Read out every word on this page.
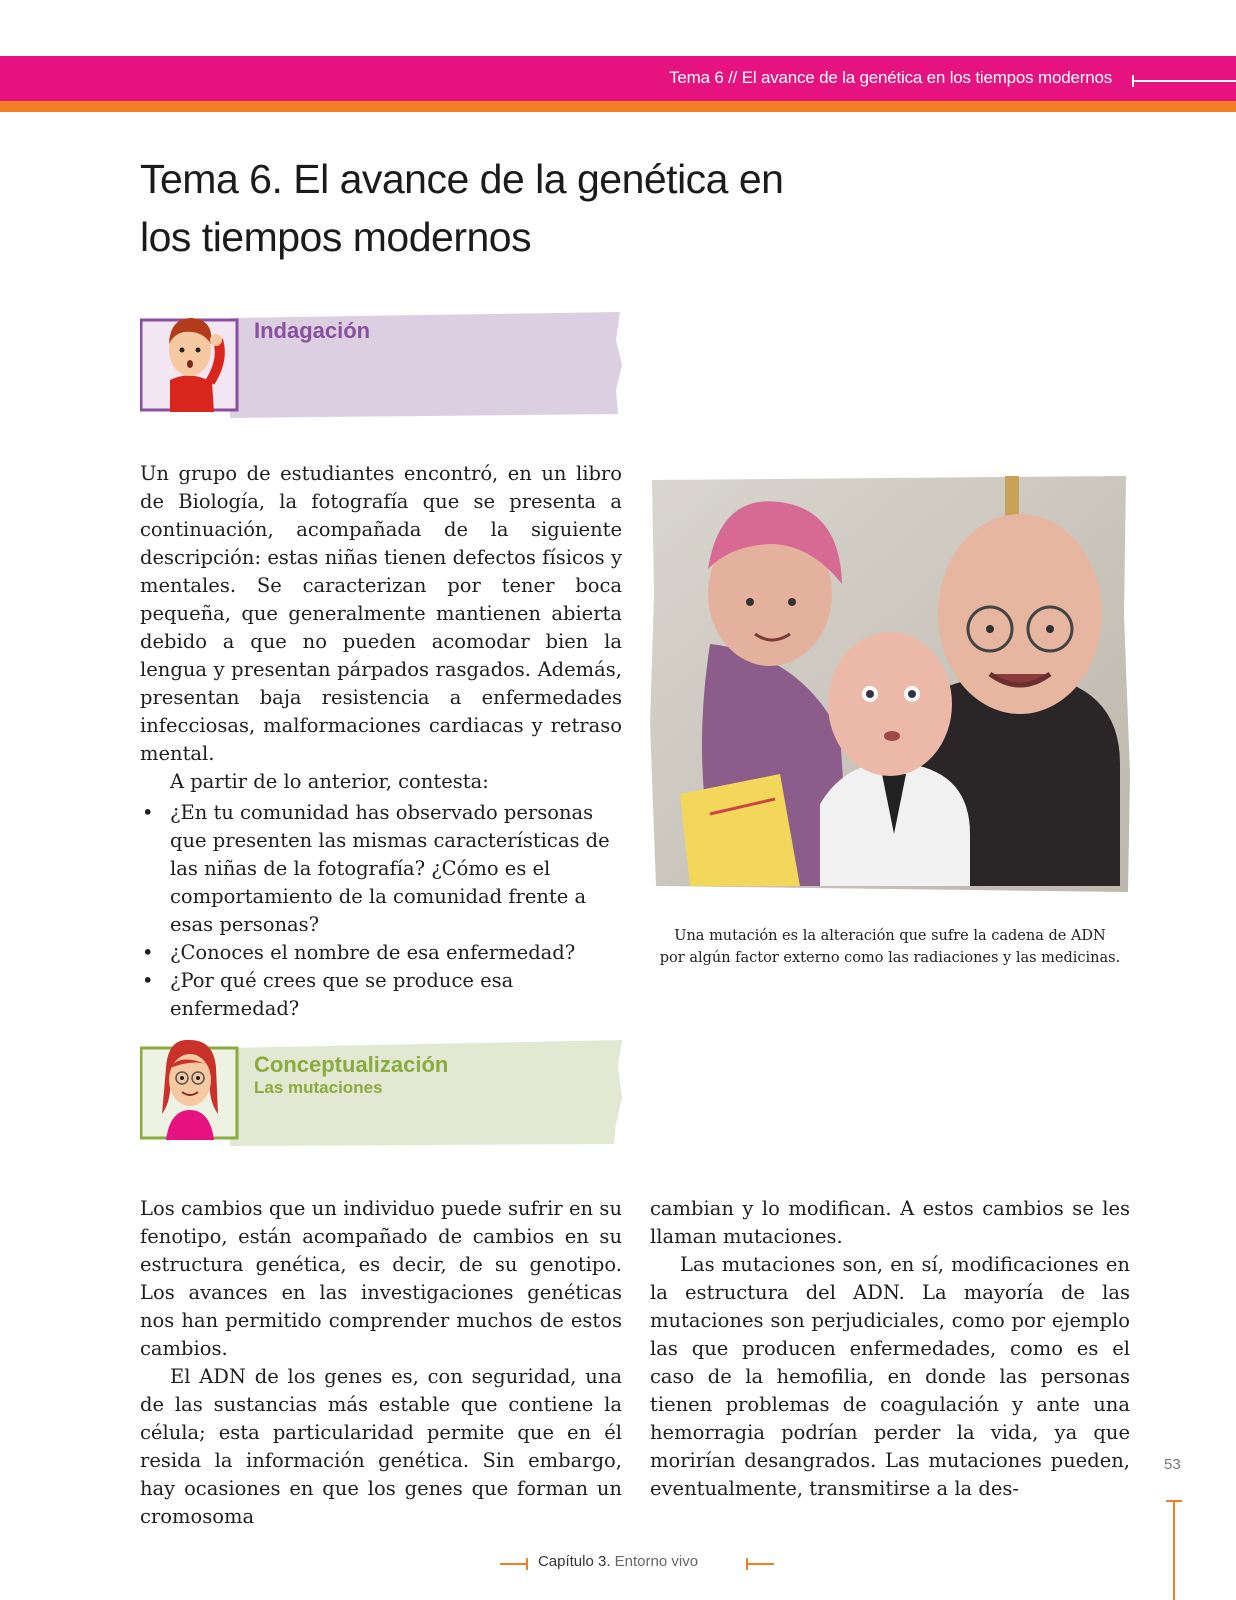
Tema 6 // El avance de la genética en los tiempos modernos
Tema 6. El avance de la genética en los tiempos modernos
Indagación

Un grupo de estudiantes encontró, en un libro de Biología, la fotografía que se presenta a continuación, acompañada de la siguiente descripción: estas niñas tienen defectos físicos y mentales. Se caracterizan por tener boca pequeña, que generalmente mantienen abierta debido a que no pueden acomodar bien la lengua y presentan párpados rasgados. Además, presentan baja resistencia a enfermedades infecciosas, malformaciones cardiacas y retraso mental.

A partir de lo anterior, contesta:

• ¿En tu comunidad has observado personas que presenten las mismas características de las niñas de la fotografía? ¿Cómo es el comportamiento de la comunidad frente a esas personas?
• ¿Conoces el nombre de esa enfermedad?
• ¿Por qué crees que se produce esa enfermedad?
Una mutación es la alteración que sufre la cadena de ADN
por algún factor externo como las radiaciones y las medicinas.
Conceptualización
Las mutaciones

Los cambios que un individuo puede sufrir en su fenotipo, están acompañado de cambios en su estructura genética, es decir, de su genotipo. Los avances en las investigaciones genéticas nos han permitido comprender muchos de estos cambios.

El ADN de los genes es, con seguridad, una de las sustancias más estable que contiene la célula; esta particularidad permite que en él resida la información genética. Sin embargo, hay ocasiones en que los genes que forman un cromosoma

cambian y lo modifican. A estos cambios se les llaman mutaciones.

Las mutaciones son, en sí, modificaciones en la estructura del ADN. La mayoría de las mutaciones son perjudiciales, como por ejemplo las que producen enfermedades, como es el caso de la hemofilia, en donde las personas tienen problemas de coagulación y ante una hemorragia podrían perder la vida, ya que morirían desangrados. Las mutaciones pueden, eventualmente, transmitirse a la des-

53
Capítulo 3. Entorno vivo
